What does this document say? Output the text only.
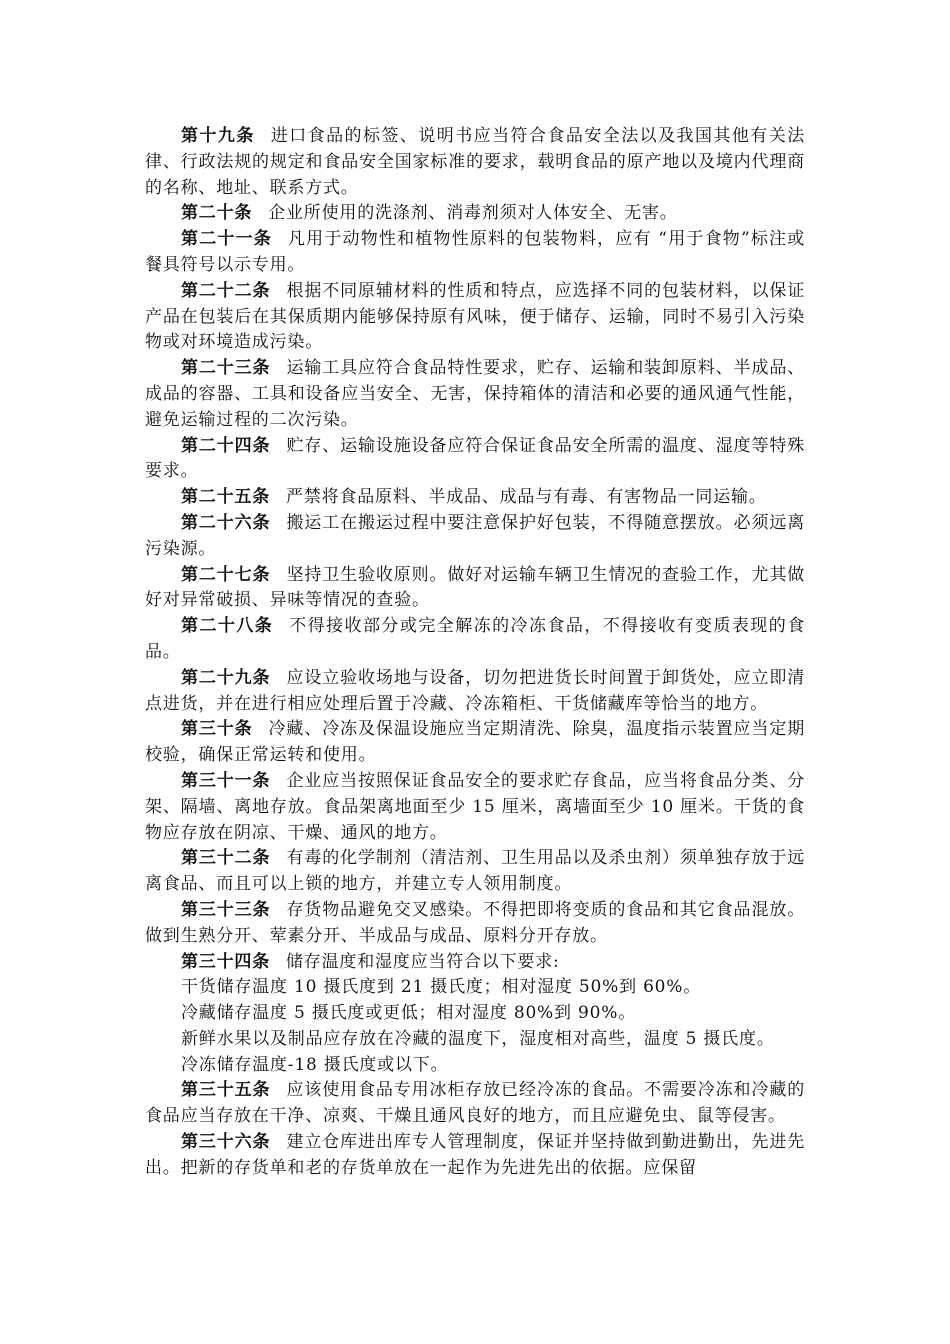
第十九条 进口食品的标签、说明书应当符合食品安全法以及我国其他有关法律、行政法规的规定和食品安全国家标准的要求，载明食品的原产地以及境内代理商的名称、地址、联系方式。

第二十条 企业所使用的洗涤剂、消毒剂须对人体安全、无害。

第二十一条 凡用于动物性和植物性原料的包装物料，应有 “用于食物”标注或餐具符号以示专用。

第二十二条 根据不同原辅材料的性质和特点，应选择不同的包装材料，以保证产品在包装后在其保质期内能够保持原有风味，便于储存、运输，同时不易引入污染物或对环境造成污染。

第二十三条 运输工具应符合食品特性要求，贮存、运输和装卸原料、半成品、成品的容器、工具和设备应当安全、无害，保持箱体的清洁和必要的通风通气性能，避免运输过程的二次污染。

第二十四条 贮存、运输设施设备应符合保证食品安全所需的温度、湿度等特殊要求。

第二十五条 严禁将食品原料、半成品、成品与有毒、有害物品一同运输。

第二十六条 搬运工在搬运过程中要注意保护好包装，不得随意摆放。必须远离污染源。

第二十七条 坚持卫生验收原则。做好对运输车辆卫生情况的查验工作，尤其做好对异常破损、异味等情况的查验。

第二十八条 不得接收部分或完全解冻的冷冻食品，不得接收有变质表现的食品。

第二十九条 应设立验收场地与设备，切勿把进货长时间置于卸货处，应立即清点进货，并在进行相应处理后置于冷藏、冷冻箱柜、干货储藏库等恰当的地方。

第三十条 冷藏、冷冻及保温设施应当定期清洗、除臭，温度指示装置应当定期校验，确保正常运转和使用。

第三十一条 企业应当按照保证食品安全的要求贮存食品，应当将食品分类、分架、隔墙、离地存放。食品架离地面至少 15 厘米，离墙面至少 10 厘米。干货的食物应存放在阴凉、干燥、通风的地方。

第三十二条 有毒的化学制剂（清洁剂、卫生用品以及杀虫剂）须单独存放于远离食品、而且可以上锁的地方，并建立专人领用制度。

第三十三条 存货物品避免交叉感染。不得把即将变质的食品和其它食品混放。做到生熟分开、荤素分开、半成品与成品、原料分开存放。

第三十四条 储存温度和湿度应当符合以下要求:

干货储存温度 10 摄氏度到 21 摄氏度；相对湿度 50%到 60%。

冷藏储存温度 5 摄氏度或更低；相对湿度 80%到 90%。

新鲜水果以及制品应存放在冷藏的温度下，湿度相对高些，温度 5 摄氏度。

冷冻储存温度-18 摄氏度或以下。

第三十五条 应该使用食品专用冰柜存放已经冷冻的食品。不需要冷冻和冷藏的食品应当存放在干净、凉爽、干燥且通风良好的地方，而且应避免虫、鼠等侵害。

第三十六条 建立仓库进出库专人管理制度，保证并坚持做到勤进勤出，先进先出。把新的存货单和老的存货单放在一起作为先进先出的依据。应保留
